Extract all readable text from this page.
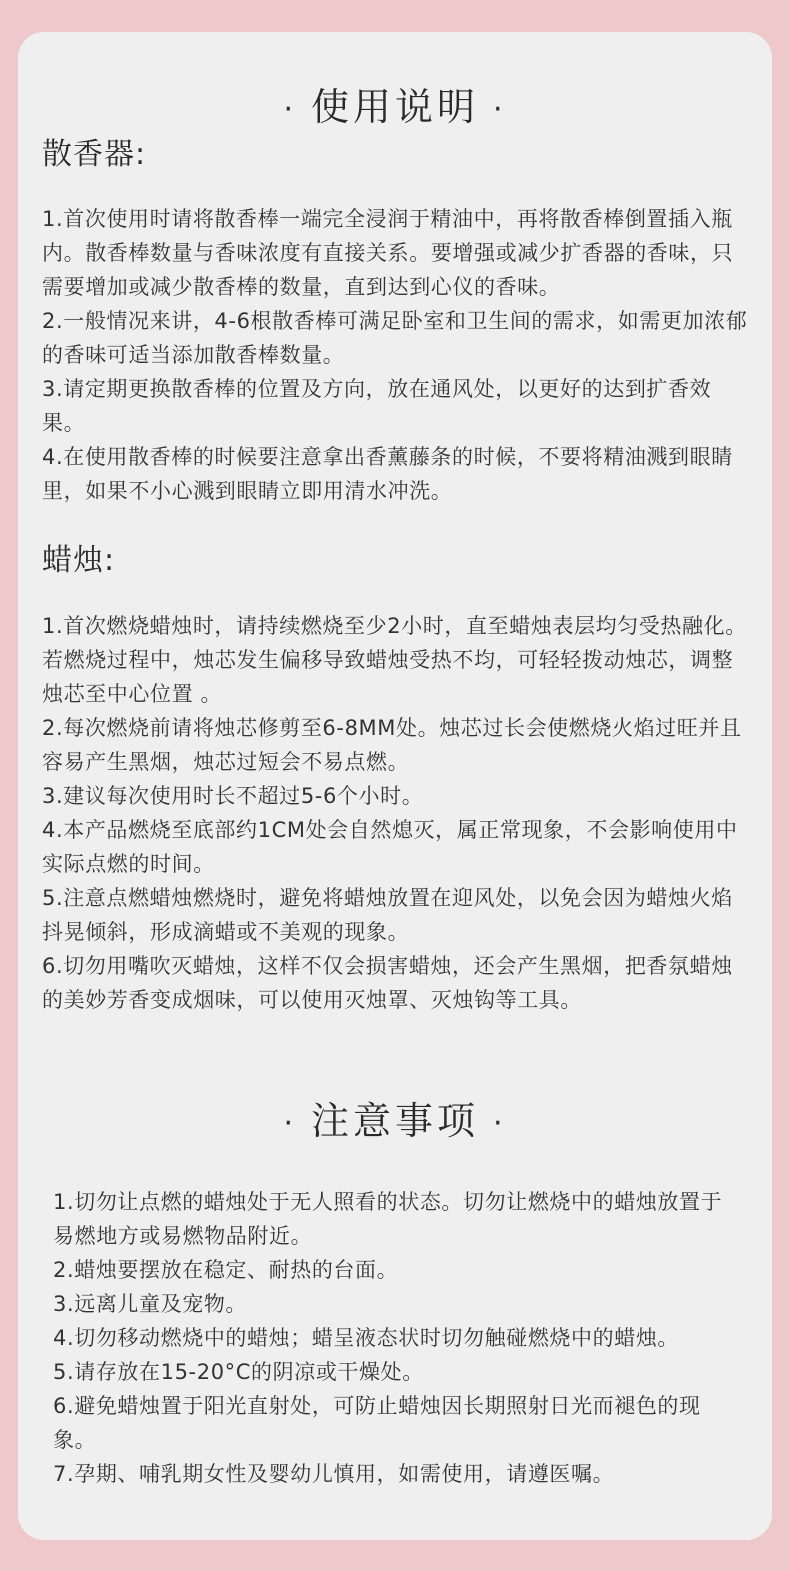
· 使用说明 ·
散香器:
1.首次使用时请将散香棒一端完全浸润于精油中，再将散香棒倒置插入瓶内。散香棒数量与香味浓度有直接关系。要增强或减少扩香器的香味，只需要增加或减少散香棒的数量，直到达到心仪的香味。
2.一般情况来讲，4-6根散香棒可满足卧室和卫生间的需求，如需更加浓郁的香味可适当添加散香棒数量。
3.请定期更换散香棒的位置及方向，放在通风处，以更好的达到扩香效果。
4.在使用散香棒的时候要注意拿出香薰藤条的时候，不要将精油溅到眼睛里，如果不小心溅到眼睛立即用清水冲洗。
蜡烛:
1.首次燃烧蜡烛时，请持续燃烧至少2小时，直至蜡烛表层均匀受热融化。 若燃烧过程中，烛芯发生偏移导致蜡烛受热不均，可轻轻拨动烛芯，调整烛芯至中心位置 。
2.每次燃烧前请将烛芯修剪至6-8MM处。烛芯过长会使燃烧火焰过旺并且容易产生黑烟，烛芯过短会不易点燃。
3.建议每次使用时长不超过5-6个小时。
4.本产品燃烧至底部约1CM处会自然熄灭，属正常现象，不会影响使用中实际点燃的时间。
5.注意点燃蜡烛燃烧时，避免将蜡烛放置在迎风处，以免会因为蜡烛火焰抖晃倾斜，形成滴蜡或不美观的现象。
6.切勿用嘴吹灭蜡烛，这样不仅会损害蜡烛，还会产生黑烟，把香氛蜡烛的美妙芳香变成烟味，可以使用灭烛罩、灭烛钩等工具。
· 注意事项 ·
1.切勿让点燃的蜡烛处于无人照看的状态。切勿让燃烧中的蜡烛放置于易燃地方或易燃物品附近。
2.蜡烛要摆放在稳定、耐热的台面。
3.远离儿童及宠物。
4.切勿移动燃烧中的蜡烛；蜡呈液态状时切勿触碰燃烧中的蜡烛。
5.请存放在15-20°C的阴凉或干燥处。
6.避免蜡烛置于阳光直射处，可防止蜡烛因长期照射日光而褪色的现象。
7.孕期、哺乳期女性及婴幼儿慎用，如需使用，请遵医嘱。
